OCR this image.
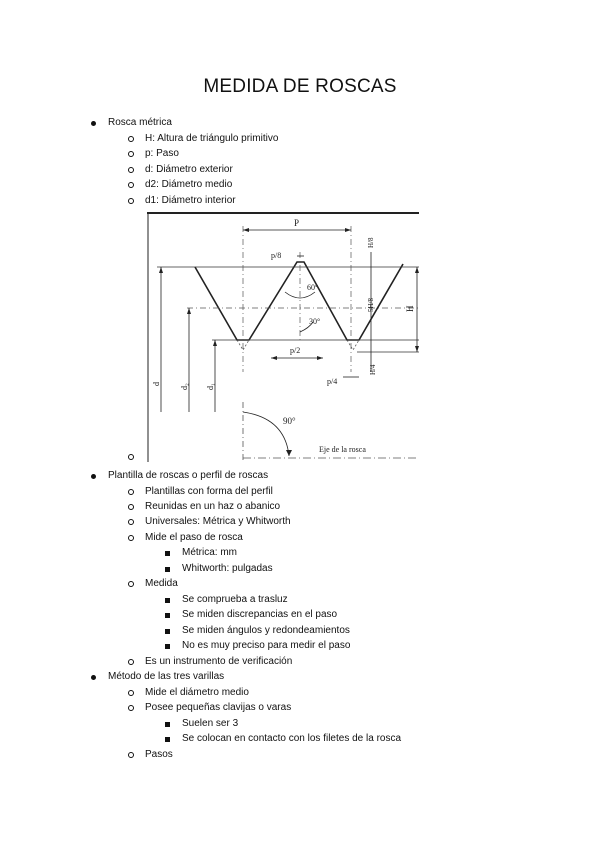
MEDIDA DE ROSCAS
Rosca métrica
H: Altura de triángulo primitivo
p: Paso
d: Diámetro exterior
d2: Diámetro medio
d1: Diámetro interior
P
p/8
H/8
60°
30°
5H/8	H
p/2
H/4
p/4
d d₂ d₁
90°
Eje de la rosca
Plantilla de roscas o perfil de roscas
Plantillas con forma del perfil
Reunidas en un haz o abanico
Universales: Métrica y Whitworth
Mide el paso de rosca
Métrica: mm
Whitworth: pulgadas
Medida
Se comprueba a trasluz
Se miden discrepancias en el paso
Se miden ángulos y redondeamientos
No es muy preciso para medir el paso
Es un instrumento de verificación
Método de las tres varillas
Mide el diámetro medio
Posee pequeñas clavijas o varas
Suelen ser 3
Se colocan en contacto con los filetes de la rosca
Pasos
